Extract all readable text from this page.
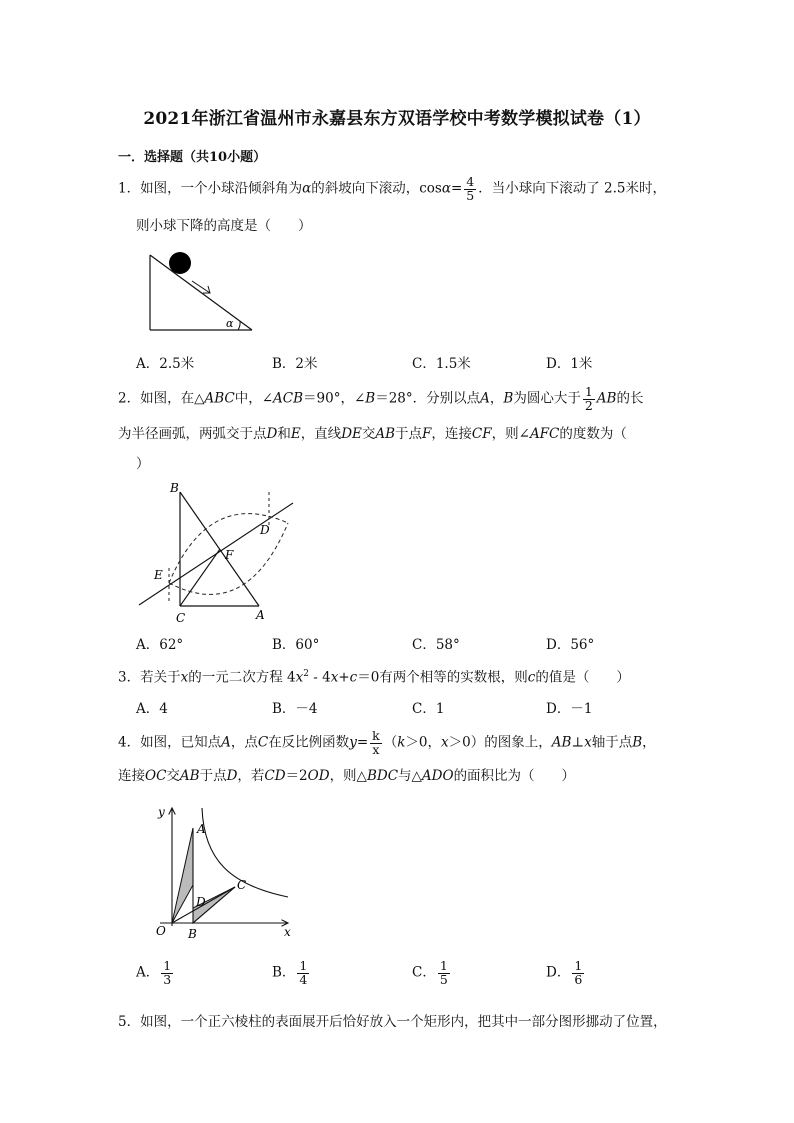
2021年浙江省温州市永嘉县东方双语学校中考数学模拟试卷（1）
一．选择题（共10小题）
1．如图，一个小球沿倾斜角为α的斜坡向下滚动，$\cos\alpha= \frac{4}{5}$ ．当小球向下滚动了 2.5米时，
则小球下降的高度是（　　）
α
A．2.5米	B．2米	C．1.5米	D．1米
2．如图，在△ABC中，∠ACB＝90°，∠B＝28°．分别以点A，B为圆心大于 $\frac{1}{2}$ AB的长
为半径画弧，两弧交于点D和E，直线DE交AB于点F，连接CF，则∠AFC的度数为（
）
B
D
F
E
C	A
A．62°	B．60°	C．58°	D．56°
3．若关于x的一元二次方程 $4x^2 - 4x+c=0$有两个相等的实数根，则c的值是（　　）
A．4	B．－4	C．1	D．－1
4．如图，已知点A，点C在反比例函数$y= \frac{k}{x} (k>0$，x＞0）的图象上，AB⊥x轴于点B，
连接OC交AB于点D，若CD＝2OD，则△BDC与△ADO的面积比为（　　）
y
A
C
D
O B	x
A． $\frac{1}{3}$	B． $\frac{1}{4}$	C． $\frac{1}{5}$	D． $\frac{1}{6}$
5．如图，一个正六棱柱的表面展开后恰好放入一个矩形内，把其中一部分图形挪动了位置，
